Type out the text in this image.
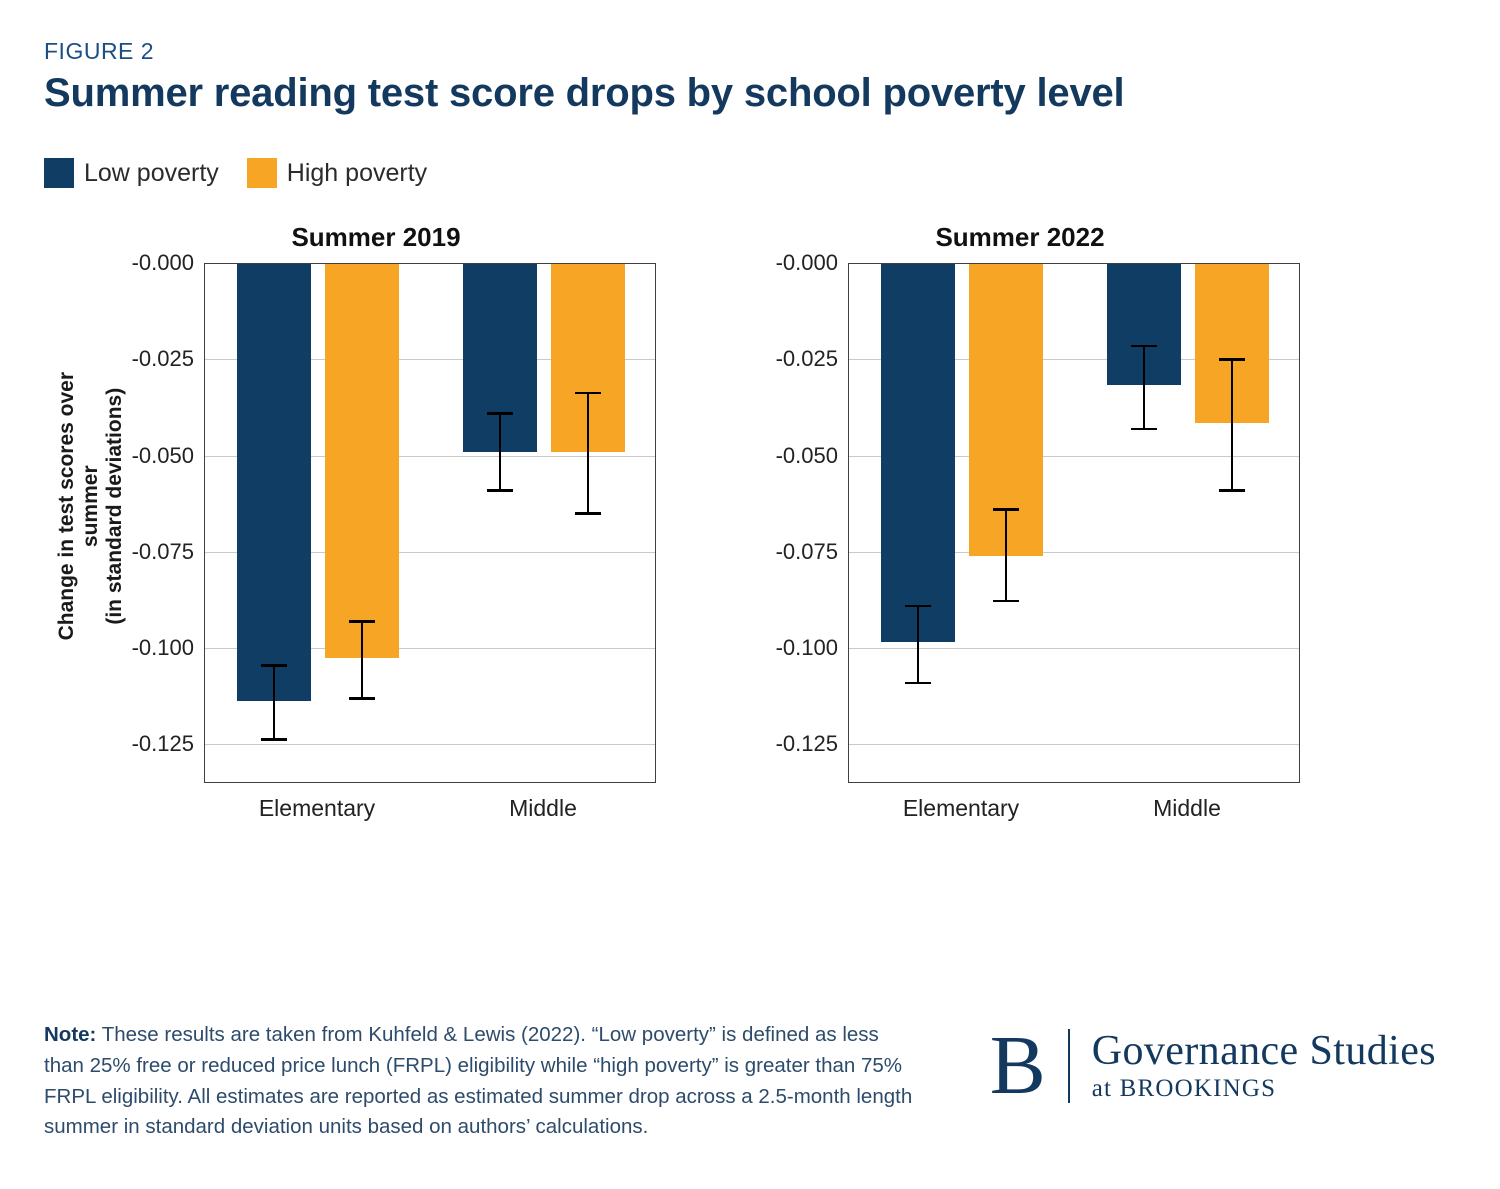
FIGURE 2
Summer reading test score drops by school poverty level
Low poverty	High poverty
Change in test scores over summer
(in standard deviations)
Summer 2019
-0.000
-0.025
-0.050
-0.075
-0.100
-0.125
Elementary	Middle
Summer 2022
-0.000
-0.025
-0.050
-0.075
-0.100
-0.125
Elementary	Middle
Note: These results are taken from Kuhfeld & Lewis (2022). “Low poverty” is defined as less than 25% free or reduced price lunch (FRPL) eligibility while “high poverty” is greater than 75% FRPL eligibility. All estimates are reported as estimated summer drop across a 2.5-month length summer in standard deviation units based on authors’ calculations.
B Governance Studies
at BROOKINGS
